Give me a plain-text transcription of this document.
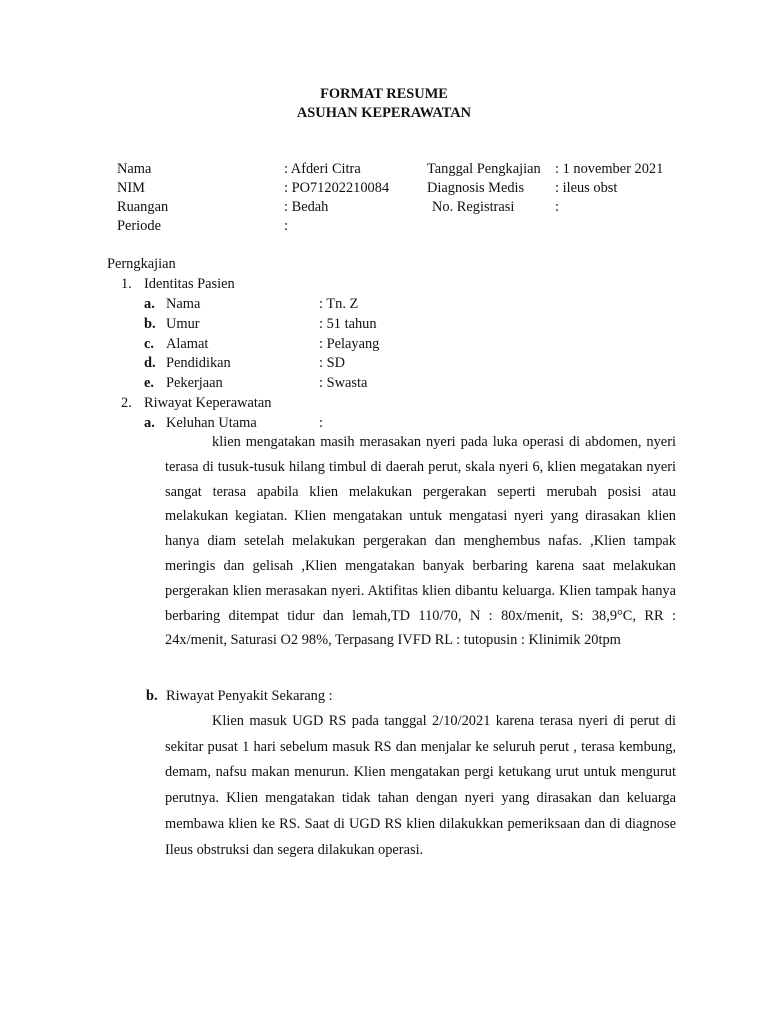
FORMAT RESUME
ASUHAN KEPERAWATAN
Nama	: Afderi Citra	Tanggal Pengkajian : 1 november 2021
NIM	: PO71202210084	Diagnosis Medis : ileus obst
Ruangan	: Bedah	No. Registrasi	:
Periode	:
Perngkajian
1. Identitas Pasien
a. Nama	: Tn. Z
b. Umur	: 51 tahun
c. Alamat	: Pelayang
d. Pendidikan	: SD
e. Pekerjaan	: Swasta
2. Riwayat Keperawatan
a. Keluhan Utama	:
klien mengatakan masih merasakan nyeri pada luka operasi di abdomen, nyeri terasa di tusuk-tusuk hilang timbul di daerah perut, skala nyeri 6, klien megatakan nyeri sangat terasa apabila klien melakukan pergerakan seperti merubah posisi atau melakukan kegiatan. Klien mengatakan untuk mengatasi nyeri yang dirasakan klien hanya diam setelah melakukan pergerakan dan menghembus nafas. ,Klien tampak meringis dan gelisah ,Klien mengatakan banyak berbaring karena saat melakukan pergerakan klien merasakan nyeri. Aktifitas klien dibantu keluarga. Klien tampak hanya berbaring ditempat tidur dan lemah,TD 110/70, N : 80x/menit, S: 38,9°C, RR : 24x/menit, Saturasi O2 98%, Terpasang IVFD RL : tutopusin : Klinimik 20tpm
b. Riwayat Penyakit Sekarang :
Klien masuk UGD RS pada tanggal 2/10/2021 karena terasa nyeri di perut di sekitar pusat 1 hari sebelum masuk RS dan menjalar ke seluruh perut , terasa kembung, demam, nafsu makan menurun. Klien mengatakan pergi ketukang urut untuk mengurut perutnya. Klien mengatakan tidak tahan dengan nyeri yang dirasakan dan keluarga membawa klien ke RS. Saat di UGD RS klien dilakukkan pemeriksaan dan di diagnose Ileus obstruksi dan segera dilakukan operasi.
